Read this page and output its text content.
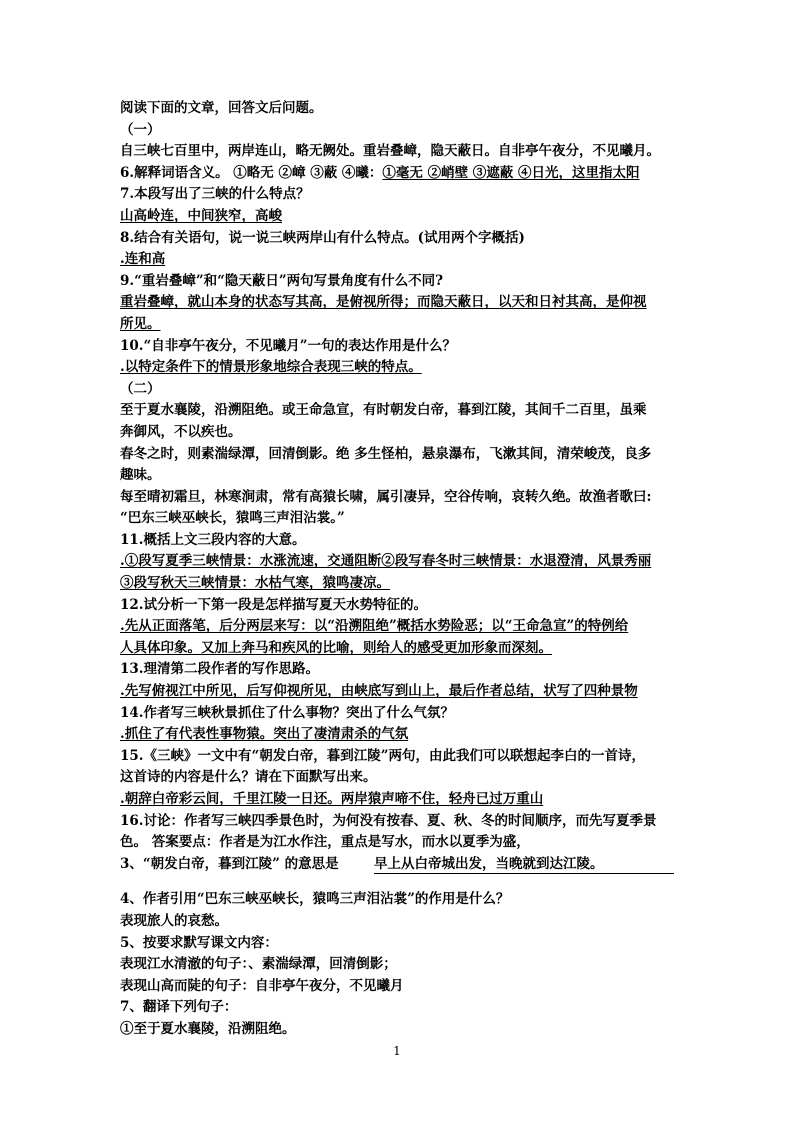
阅读下面的文章，回答文后问题。
（一）
自三峡七百里中，两岸连山，略无阙处。重岩叠嶂，隐天蔽日。自非亭午夜分，不见曦月。
6.解释词语含义。 ①略无 ②嶂 ③蔽 ④曦：①毫无 ②峭壁 ③遮蔽 ④日光，这里指太阳
7.本段写出了三峡的什么特点？
山高岭连，中间狭窄，高峻
8.结合有关语句，说一说三峡两岸山有什么特点。(试用两个字概括)
.连和高
9.“重岩叠嶂”和“隐天蔽日”两句写景角度有什么不同?
重岩叠嶂，就山本身的状态写其高，是俯视所得；而隐天蔽日，以天和日衬其高，是仰视
所见。
10.“自非亭午夜分，不见曦月”一句的表达作用是什么？
.以特定条件下的情景形象地综合表现三峡的特点。
（二）
至于夏水襄陵，沿溯阻绝。或王命急宣，有时朝发白帝，暮到江陵，其间千二百里，虽乘
奔御风，不以疾也。
春冬之时，则素湍绿潭，回清倒影。绝 多生怪柏，悬泉瀑布，飞漱其间，清荣峻茂，良多
趣味。
每至晴初霜旦，林寒涧肃，常有高猿长啸，属引凄异，空谷传响，哀转久绝。故渔者歌曰:
“巴东三峡巫峡长，猿鸣三声泪沾裳。”
11.概括上文三段内容的大意。
.①段写夏季三峡情景：水涨流速，交通阻断②段写春冬时三峡情景：水退澄清，风景秀丽
③段写秋天三峡情景：水枯气寒，猿鸣凄凉。
12.试分析一下第一段是怎样描写夏天水势特征的。
.先从正面落笔，后分两层来写：以“沿溯阻绝”概括水势险恶；以“王命急宣”的特例给
人具体印象。又加上奔马和疾风的比喻，则给人的感受更加形象而深刻。
13.理清第二段作者的写作思路。
.先写俯视江中所见，后写仰视所见，由峡底写到山上，最后作者总结，状写了四种景物
14.作者写三峡秋景抓住了什么事物？突出了什么气氛？
.抓住了有代表性事物猿。突出了凄清肃杀的气氛
15.《三峡》一文中有“朝发白帝，暮到江陵”两句，由此我们可以联想起李白的一首诗，
这首诗的内容是什么？请在下面默写出来。
.朝辞白帝彩云间，千里江陵一日还。两岸猿声啼不住，轻舟已过万重山
16.讨论：作者写三峡四季景色时，为何没有按春、夏、秋、冬的时间顺序，而先写夏季景
色。 答案要点：作者是为江水作注，重点是写水，而水以夏季为盛，
3、“朝发白帝，暮到江陵” 的意思是	早上从白帝城出发，当晚就到达江陵。
4、作者引用“巴东三峡巫峡长，猿鸣三声泪沾裳”的作用是什么？
表现旅人的哀愁。
5、按要求默写课文内容：
表现江水清澈的句子：、素湍绿潭，回清倒影；
表现山高而陡的句子：自非亭午夜分，不见曦月
7、翻译下列句子：
①至于夏水襄陵，沿溯阻绝。
1
